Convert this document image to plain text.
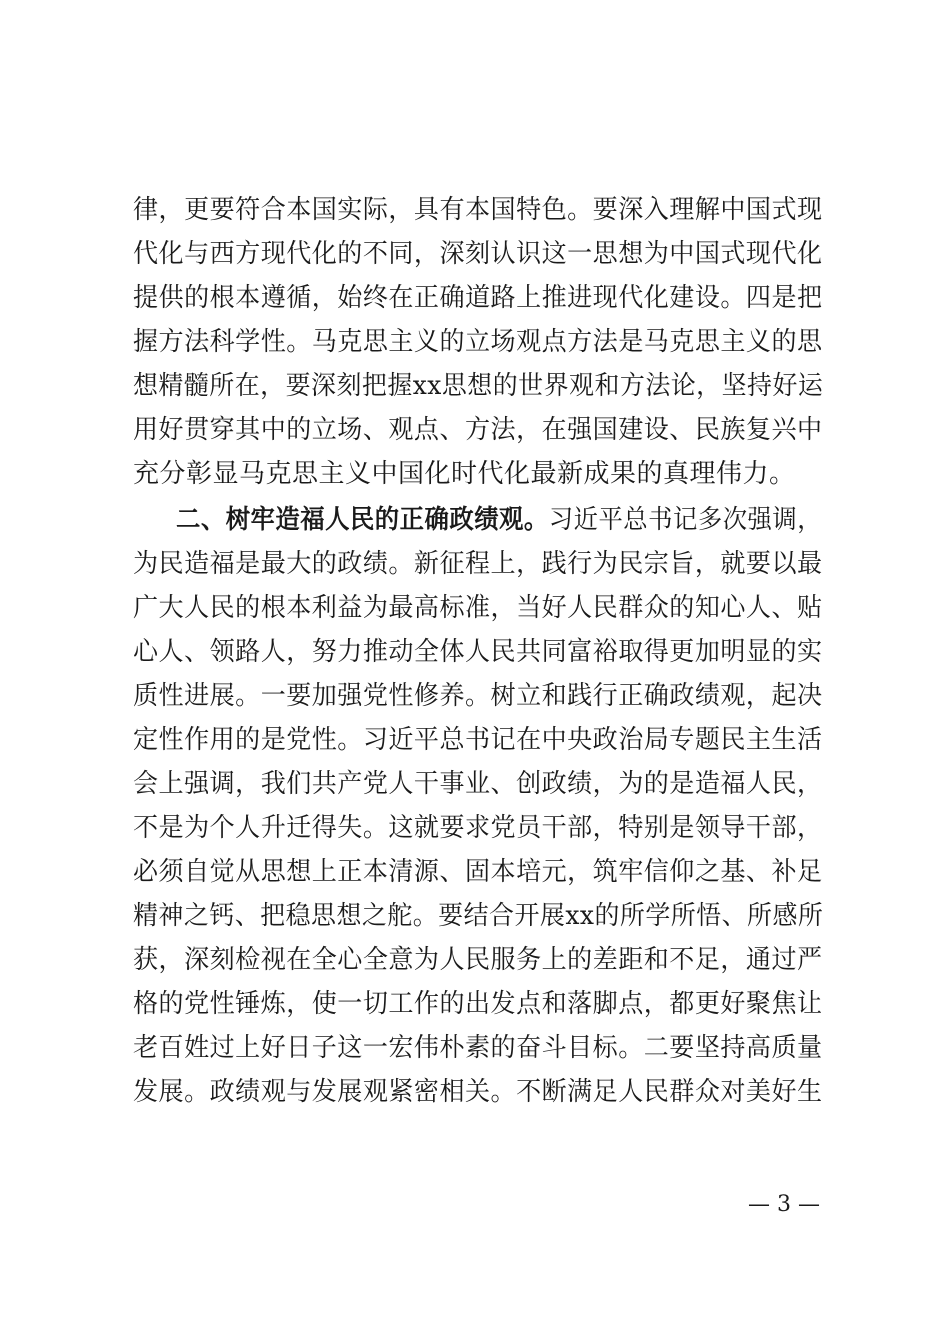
律，更要符合本国实际，具有本国特色。要深入理解中国式现
代化与西方现代化的不同，深刻认识这一思想为中国式现代化
提供的根本遵循，始终在正确道路上推进现代化建设。四是把
握方法科学性。马克思主义的立场观点方法是马克思主义的思
想精髓所在，要深刻把握xx思想的世界观和方法论，坚持好运
用好贯穿其中的立场、观点、方法，在强国建设、民族复兴中
充分彰显马克思主义中国化时代化最新成果的真理伟力。
二、树牢造福人民的正确政绩观。习近平总书记多次强调，
为民造福是最大的政绩。新征程上，践行为民宗旨，就要以最
广大人民的根本利益为最高标准，当好人民群众的知心人、贴
心人、领路人，努力推动全体人民共同富裕取得更加明显的实
质性进展。一要加强党性修养。树立和践行正确政绩观，起决
定性作用的是党性。习近平总书记在中央政治局专题民主生活
会上强调，我们共产党人干事业、创政绩，为的是造福人民，
不是为个人升迁得失。这就要求党员干部，特别是领导干部，
必须自觉从思想上正本清源、固本培元，筑牢信仰之基、补足
精神之钙、把稳思想之舵。要结合开展xx的所学所悟、所感所
获，深刻检视在全心全意为人民服务上的差距和不足，通过严
格的党性锤炼，使一切工作的出发点和落脚点，都更好聚焦让
老百姓过上好日子这一宏伟朴素的奋斗目标。二要坚持高质量
发展。政绩观与发展观紧密相关。不断满足人民群众对美好生
— 3 —
